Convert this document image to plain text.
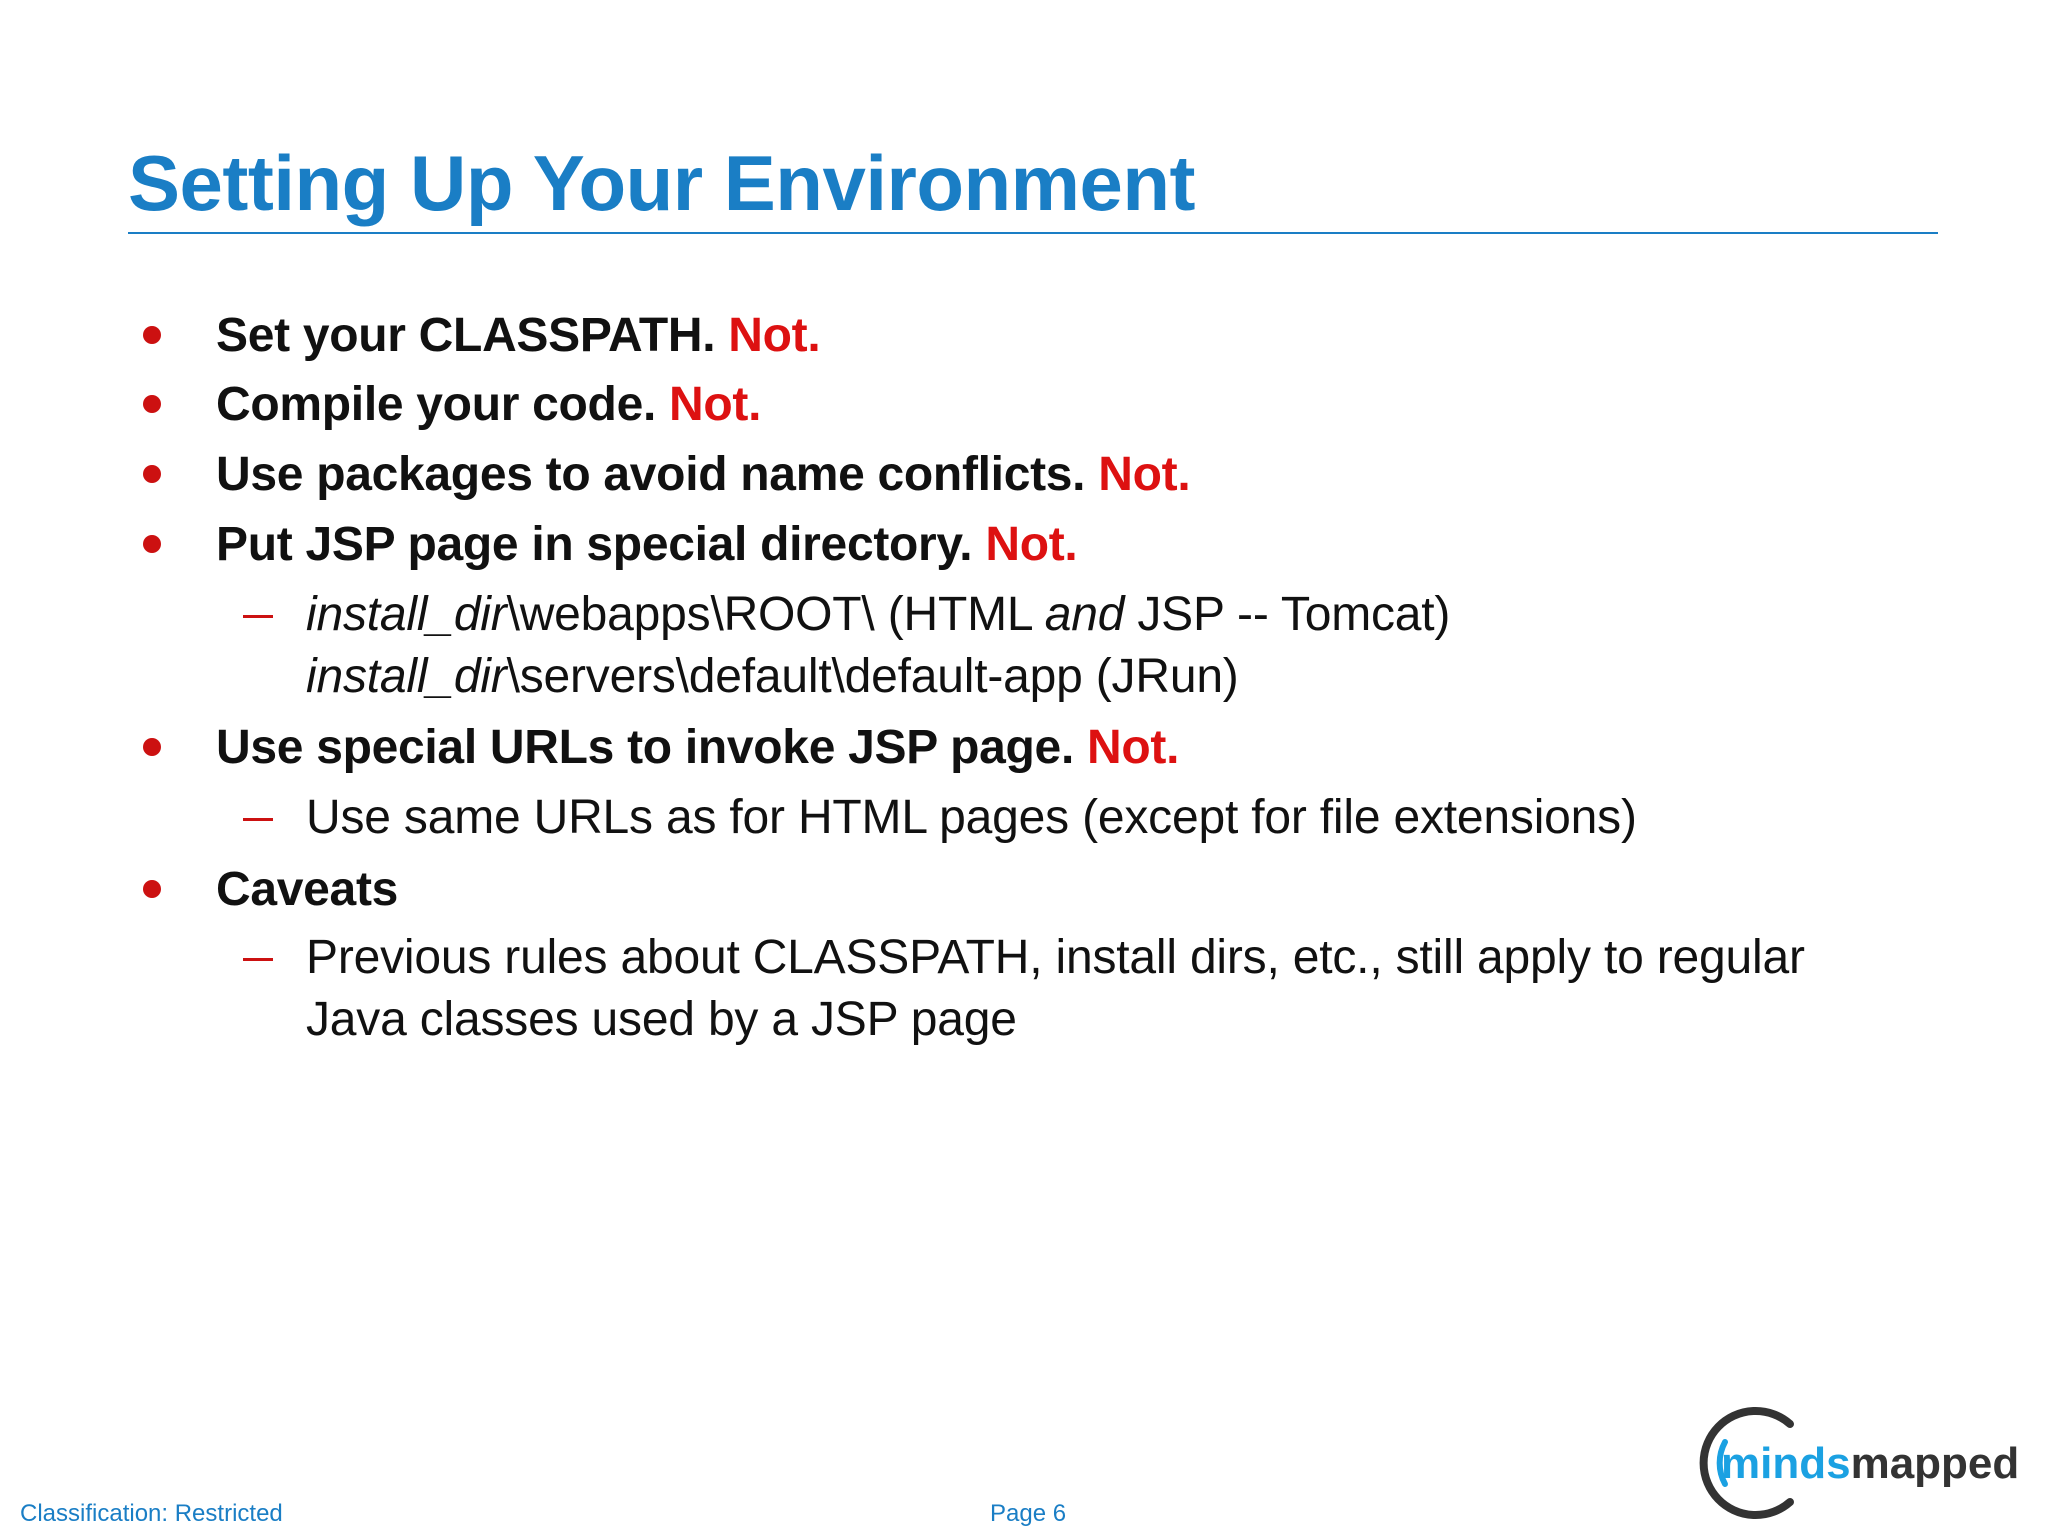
Setting Up Your Environment
Set your CLASSPATH. Not.
Compile your code. Not.
Use packages to avoid name conflicts. Not.
Put JSP page in special directory. Not.
install_dir\webapps\ROOT\ (HTML and JSP -- Tomcat)
install_dir\servers\default\default-app (JRun)
Use special URLs to invoke JSP page. Not.
Use same URLs as for HTML pages (except for file extensions)
Caveats
Previous rules about CLASSPATH, install dirs, etc., still apply to regular
Java classes used by a JSP page
Classification: Restricted	Page 6
mindsmapped
